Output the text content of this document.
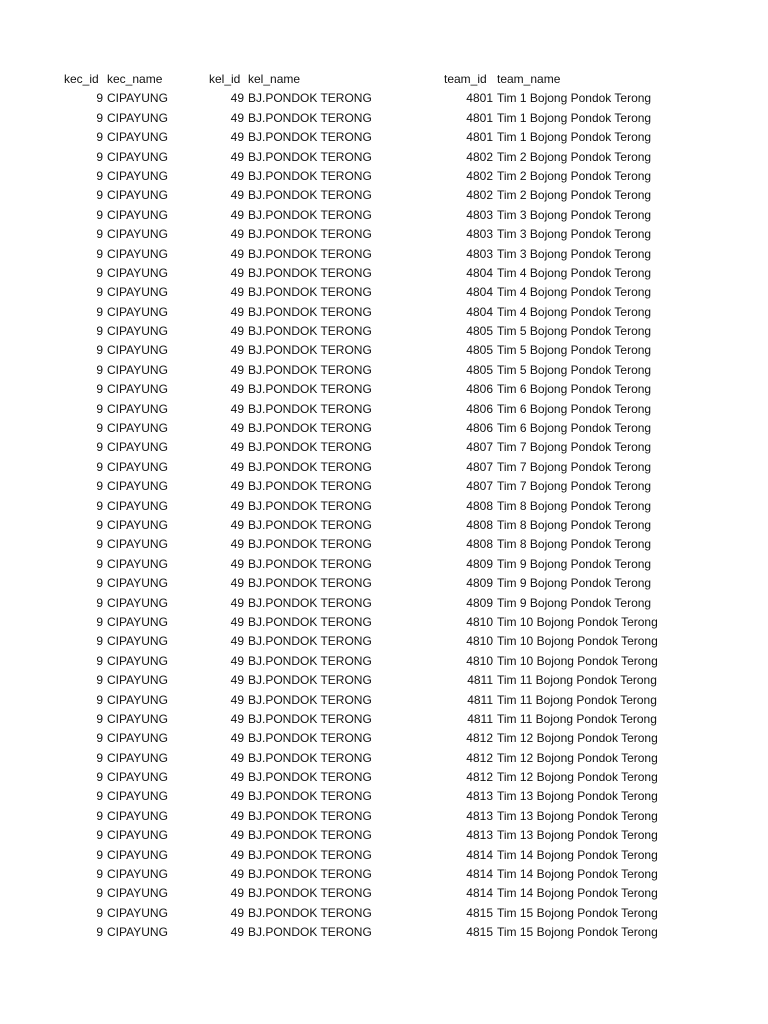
kec_id kec_name	kel_id kel_name	team_id team_name
9 CIPAYUNG	49 BJ.PONDOK TERONG	4801 Tim 1 Bojong Pondok Terong
9 CIPAYUNG	49 BJ.PONDOK TERONG	4801 Tim 1 Bojong Pondok Terong
9 CIPAYUNG	49 BJ.PONDOK TERONG	4801 Tim 1 Bojong Pondok Terong
9 CIPAYUNG	49 BJ.PONDOK TERONG	4802 Tim 2 Bojong Pondok Terong
9 CIPAYUNG	49 BJ.PONDOK TERONG	4802 Tim 2 Bojong Pondok Terong
9 CIPAYUNG	49 BJ.PONDOK TERONG	4802 Tim 2 Bojong Pondok Terong
9 CIPAYUNG	49 BJ.PONDOK TERONG	4803 Tim 3 Bojong Pondok Terong
9 CIPAYUNG	49 BJ.PONDOK TERONG	4803 Tim 3 Bojong Pondok Terong
9 CIPAYUNG	49 BJ.PONDOK TERONG	4803 Tim 3 Bojong Pondok Terong
9 CIPAYUNG	49 BJ.PONDOK TERONG	4804 Tim 4 Bojong Pondok Terong
9 CIPAYUNG	49 BJ.PONDOK TERONG	4804 Tim 4 Bojong Pondok Terong
9 CIPAYUNG	49 BJ.PONDOK TERONG	4804 Tim 4 Bojong Pondok Terong
9 CIPAYUNG	49 BJ.PONDOK TERONG	4805 Tim 5 Bojong Pondok Terong
9 CIPAYUNG	49 BJ.PONDOK TERONG	4805 Tim 5 Bojong Pondok Terong
9 CIPAYUNG	49 BJ.PONDOK TERONG	4805 Tim 5 Bojong Pondok Terong
9 CIPAYUNG	49 BJ.PONDOK TERONG	4806 Tim 6 Bojong Pondok Terong
9 CIPAYUNG	49 BJ.PONDOK TERONG	4806 Tim 6 Bojong Pondok Terong
9 CIPAYUNG	49 BJ.PONDOK TERONG	4806 Tim 6 Bojong Pondok Terong
9 CIPAYUNG	49 BJ.PONDOK TERONG	4807 Tim 7 Bojong Pondok Terong
9 CIPAYUNG	49 BJ.PONDOK TERONG	4807 Tim 7 Bojong Pondok Terong
9 CIPAYUNG	49 BJ.PONDOK TERONG	4807 Tim 7 Bojong Pondok Terong
9 CIPAYUNG	49 BJ.PONDOK TERONG	4808 Tim 8 Bojong Pondok Terong
9 CIPAYUNG	49 BJ.PONDOK TERONG	4808 Tim 8 Bojong Pondok Terong
9 CIPAYUNG	49 BJ.PONDOK TERONG	4808 Tim 8 Bojong Pondok Terong
9 CIPAYUNG	49 BJ.PONDOK TERONG	4809 Tim 9 Bojong Pondok Terong
9 CIPAYUNG	49 BJ.PONDOK TERONG	4809 Tim 9 Bojong Pondok Terong
9 CIPAYUNG	49 BJ.PONDOK TERONG	4809 Tim 9 Bojong Pondok Terong
9 CIPAYUNG	49 BJ.PONDOK TERONG	4810 Tim 10 Bojong Pondok Terong
9 CIPAYUNG	49 BJ.PONDOK TERONG	4810 Tim 10 Bojong Pondok Terong
9 CIPAYUNG	49 BJ.PONDOK TERONG	4810 Tim 10 Bojong Pondok Terong
9 CIPAYUNG	49 BJ.PONDOK TERONG	4811 Tim 11 Bojong Pondok Terong
9 CIPAYUNG	49 BJ.PONDOK TERONG	4811 Tim 11 Bojong Pondok Terong
9 CIPAYUNG	49 BJ.PONDOK TERONG	4811 Tim 11 Bojong Pondok Terong
9 CIPAYUNG	49 BJ.PONDOK TERONG	4812 Tim 12 Bojong Pondok Terong
9 CIPAYUNG	49 BJ.PONDOK TERONG	4812 Tim 12 Bojong Pondok Terong
9 CIPAYUNG	49 BJ.PONDOK TERONG	4812 Tim 12 Bojong Pondok Terong
9 CIPAYUNG	49 BJ.PONDOK TERONG	4813 Tim 13 Bojong Pondok Terong
9 CIPAYUNG	49 BJ.PONDOK TERONG	4813 Tim 13 Bojong Pondok Terong
9 CIPAYUNG	49 BJ.PONDOK TERONG	4813 Tim 13 Bojong Pondok Terong
9 CIPAYUNG	49 BJ.PONDOK TERONG	4814 Tim 14 Bojong Pondok Terong
9 CIPAYUNG	49 BJ.PONDOK TERONG	4814 Tim 14 Bojong Pondok Terong
9 CIPAYUNG	49 BJ.PONDOK TERONG	4814 Tim 14 Bojong Pondok Terong
9 CIPAYUNG	49 BJ.PONDOK TERONG	4815 Tim 15 Bojong Pondok Terong
9 CIPAYUNG	49 BJ.PONDOK TERONG	4815 Tim 15 Bojong Pondok Terong
